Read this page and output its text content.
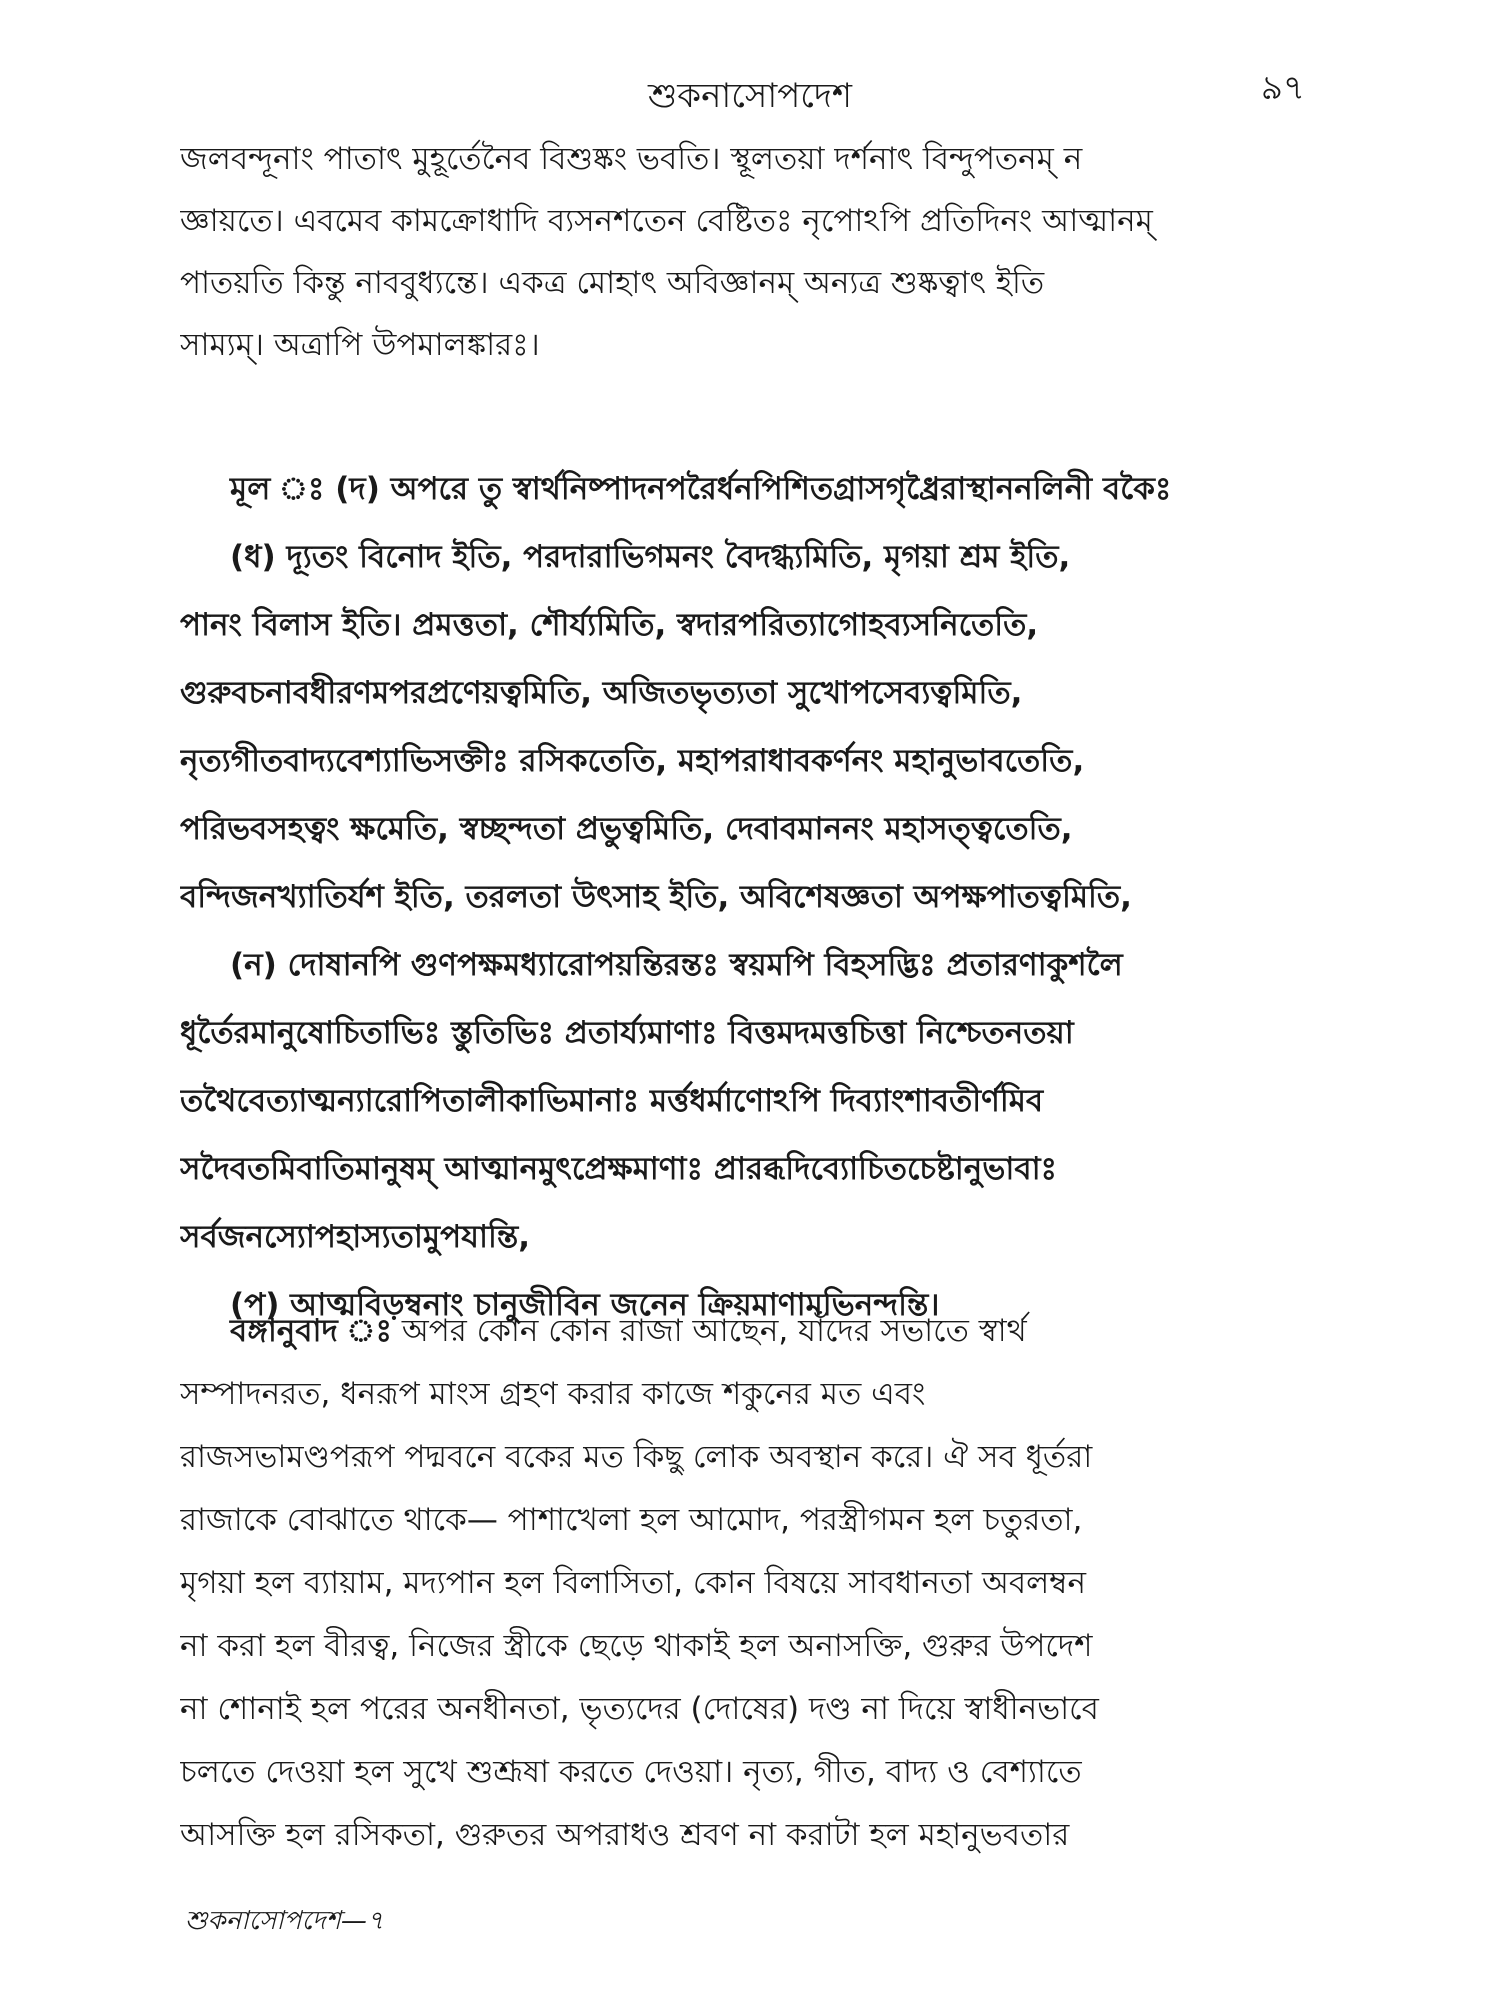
শুকনাসোপদেশ	৯৭
জলবন্দূনাং পাতাৎ মুহূর্তেনৈব বিশুষ্কং ভবতি। স্থূলতয়া দর্শনাৎ বিন্দুপতনম্ ন
জ্ঞায়তে। এবমেব কামক্রোধাদি ব্যসনশতেন বেষ্টিতঃ নৃপোঽপি প্রতিদিনং আত্মানম্
পাতয়তি কিন্তু নাববুধ্যন্তে। একত্র মোহাৎ অবিজ্ঞানম্ অন্যত্র শুষ্কত্বাৎ ইতি
সাম্যম্। অত্রাপি উপমালঙ্কারঃ।
মূল ঃ (দ) অপরে তু স্বার্থনিষ্পাদনপরৈর্ধনপিশিতগ্রাসগৃধ্রৈরাস্থাননলিনী বকৈঃ
(ধ) দ্যূতং বিনোদ ইতি, পরদারাভিগমনং বৈদগ্ধ্যমিতি, মৃগয়া শ্রম ইতি,
পানং বিলাস ইতি। প্রমত্ততা, শৌর্য্যমিতি, স্বদারপরিত্যাগোহব্যসনিতেতি,
গুরুবচনাবধীরণমপরপ্রণেয়ত্বমিতি, অজিতভৃত্যতা সুখোপসেব্যত্বমিতি,
নৃত্যগীতবাদ্যবেশ্যাভিসক্তীঃ রসিকতেতি, মহাপরাধাবকর্ণনং মহানুভাবতেতি,
পরিভবসহত্বং ক্ষমেতি, স্বচ্ছন্দতা প্রভুত্বমিতি, দেবাবমাননং মহাসত্ত্বতেতি,
বন্দিজনখ্যাতির্যশ ইতি, তরলতা উৎসাহ ইতি, অবিশেষজ্ঞতা অপক্ষপাতত্বমিতি,
(ন) দোষানপি গুণপক্ষমধ্যারোপয়ন্তিরন্তঃ স্বয়মপি বিহসদ্ভিঃ প্রতারণাকুশলৈ
ধূর্তৈরমানুষোচিতাভিঃ স্তুতিভিঃ প্রতার্য্যমাণাঃ বিত্তমদমত্তচিত্তা নিশ্চেতনতয়া
তথৈবেত্যাত্মন্যারোপিতালীকাভিমানাঃ মর্ত্তধর্মাণোঽপি দিব্যাংশাবতীর্ণমিব
সদৈবতমিবাতিমানুষম্ আত্মানমুৎপ্রেক্ষমাণাঃ প্রারব্ধদিব্যোচিতচেষ্টানুভাবাঃ
সর্বজনস্যোপহাস্যতামুপযান্তি,
(প) আত্মবিড়ম্বনাং চানুজীবিন জনেন ক্রিয়মাণামভিনন্দন্তি।
বঙ্গানুবাদ ঃ অপর কোন কোন রাজা আছেন, যাঁদের সভাতে স্বার্থ
সম্পাদনরত, ধনরূপ মাংস গ্রহণ করার কাজে শকুনের মত এবং
রাজসভামণ্ডপরূপ পদ্মবনে বকের মত কিছু লোক অবস্থান করে। ঐ সব ধূর্তরা
রাজাকে বোঝাতে থাকে— পাশাখেলা হল আমোদ, পরস্ত্রীগমন হল চতুরতা,
মৃগয়া হল ব্যায়াম, মদ্যপান হল বিলাসিতা, কোন বিষয়ে সাবধানতা অবলম্বন
না করা হল বীরত্ব, নিজের স্ত্রীকে ছেড়ে থাকাই হল অনাসক্তি, গুরুর উপদেশ
না শোনাই হল পরের অনধীনতা, ভৃত্যদের (দোষের) দণ্ড না দিয়ে স্বাধীনভাবে
চলতে দেওয়া হল সুখে শুশ্রূষা করতে দেওয়া। নৃত্য, গীত, বাদ্য ও বেশ্যাতে
আসক্তি হল রসিকতা, গুরুতর অপরাধও শ্রবণ না করাটা হল মহানুভবতার
শুকনাসোপদেশ—৭
